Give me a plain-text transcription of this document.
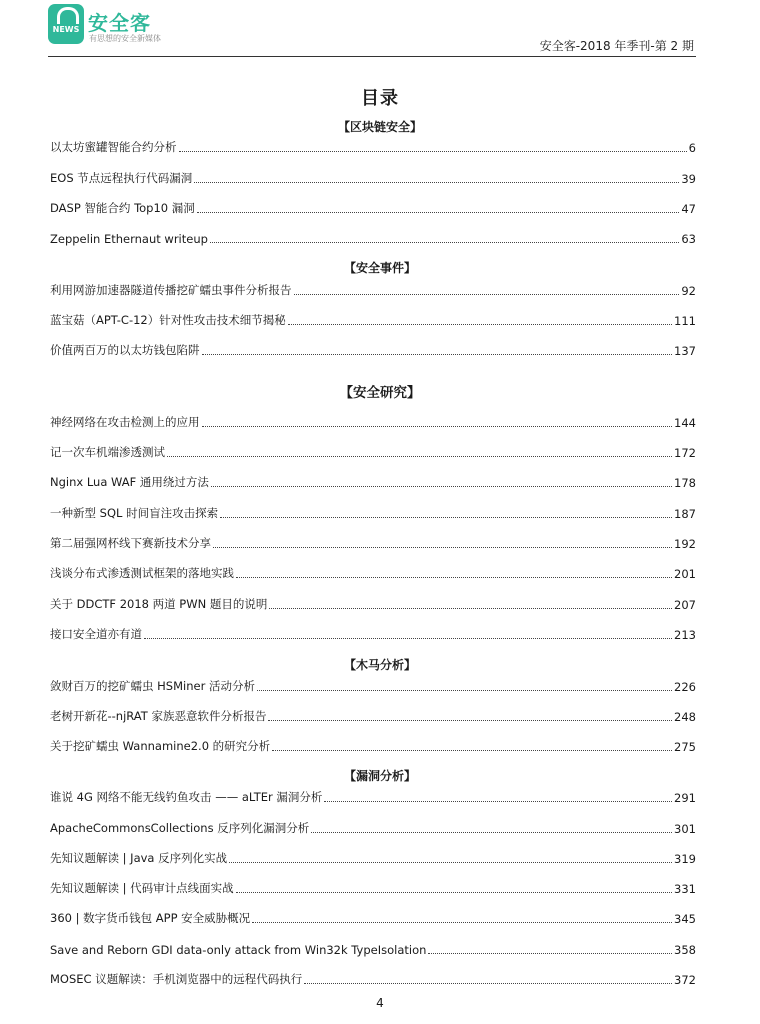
NEWS 安全客
有思想的安全新媒体
安全客-2018 年季刊-第 2 期
目录
【区块链安全】
以太坊蜜罐智能合约分析	6
EOS 节点远程执行代码漏洞	39
DASP 智能合约 Top10 漏洞	47
Zeppelin Ethernaut writeup	63
【安全事件】
利用网游加速器隧道传播挖矿蠕虫事件分析报告	92
蓝宝菇（APT-C-12）针对性攻击技术细节揭秘	111
价值两百万的以太坊钱包陷阱	137
【安全研究】
神经网络在攻击检测上的应用	144
记一次车机端渗透测试	172
Nginx Lua WAF 通用绕过方法	178
一种新型 SQL 时间盲注攻击探索	187
第二届强网杯线下赛新技术分享	192
浅谈分布式渗透测试框架的落地实践	201
关于 DDCTF 2018 两道 PWN 题目的说明	207
接口安全道亦有道	213
【木马分析】
敛财百万的挖矿蠕虫 HSMiner 活动分析	226
老树开新花--njRAT 家族恶意软件分析报告	248
关于挖矿蠕虫 Wannamine2.0 的研究分析	275
【漏洞分析】
谁说 4G 网络不能无线钓鱼攻击 —— aLTEr 漏洞分析	291
ApacheCommonsCollections 反序列化漏洞分析	301
先知议题解读 | Java 反序列化实战	319
先知议题解读 | 代码审计点线面实战	331
360 | 数字货币钱包 APP 安全威胁概况	345
Save and Reborn GDI data-only attack from Win32k TypeIsolation	358
MOSEC 议题解读：手机浏览器中的远程代码执行	372
4
